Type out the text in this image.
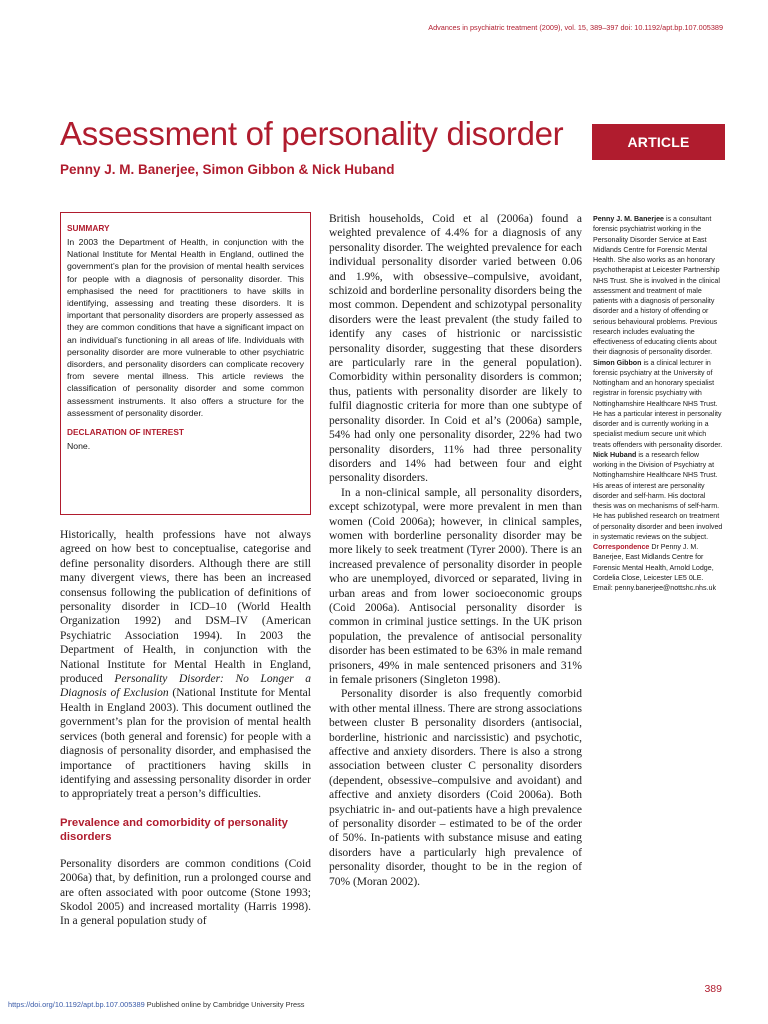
Advances in psychiatric treatment (2009), vol. 15, 389–397 doi: 10.1192/apt.bp.107.005389
Assessment of personality disorder	ARTICLE
Penny J. M. Banerjee, Simon Gibbon & Nick Huband
SUMMARY

In 2003 the Department of Health, in conjunction with the National Institute for Mental Health in England, outlined the government’s plan for the provision of mental health services for people with a diagnosis of personality disorder. This emphasised the need for practitioners to have skills in identifying, assessing and treating these disorders. It is important that personality disorders are properly assessed as they are common conditions that have a significant impact on an individual’s functioning in all areas of life. Individuals with personality disorder are more vulnerable to other psychiatric disorders, and personality disorders can complicate recovery from severe mental illness. This article reviews the classification of personality disorder and some common assessment instruments. It also offers a structure for the assessment of personality disorder.

DECLARATION OF INTEREST

None.

Historically, health professions have not always agreed on how best to conceptualise, categorise and define personality disorders. Although there are still many divergent views, there has been an increased consensus following the publication of definitions of personality disorder in ICD–10 (World Health Organization 1992) and DSM–IV (American Psychiatric Association 1994). In 2003 the Department of Health, in conjunction with the National Institute for Mental Health in England, produced Personality Disorder: No Longer a Diagnosis of Exclusion (National Institute for Mental Health in England 2003). This document outlined the government’s plan for the provision of mental health services (both general and forensic) for people with a diagnosis of personality disorder, and emphasised the importance of practitioners having skills in identifying and assessing personality disorder in order to appropriately treat a person’s difficulties.

Prevalence and comorbidity of personality disorders

Personality disorders are common conditions (Coid 2006a) that, by definition, run a prolonged course and are often associated with poor outcome (Stone 1993; Skodol 2005) and increased mortality (Harris 1998). In a general population study of

British households, Coid et al (2006a) found a weighted prevalence of 4.4% for a diagnosis of any personality disorder. The weighted prevalence for each individual personality disorder varied between 0.06 and 1.9%, with obsessive–compulsive, avoidant, schizoid and borderline personality disorders being the most common. Dependent and schizotypal personality disorders were the least prevalent (the study failed to identify any cases of histrionic or narcissistic personality disorder, suggesting that these disorders are particularly rare in the general population). Comorbidity within personality disorders is common; thus, patients with personality disorder are likely to fulfil diagnostic criteria for more than one subtype of personality disorder. In Coid et al’s (2006a) sample, 54% had only one personality disorder, 22% had two personality disorders, 11% had three personality disorders and 14% had between four and eight personality disorders.

In a non-clinical sample, all personality disorders, except schizotypal, were more prevalent in men than women (Coid 2006a); however, in clinical samples, women with borderline personality disorder may be more likely to seek treatment (Tyrer 2000). There is an increased prevalence of personality disorder in people who are unemployed, divorced or separated, living in urban areas and from lower socioeconomic groups (Coid 2006a). Antisocial personality disorder is common in criminal justice settings. In the UK prison population, the prevalence of antisocial personality disorder has been estimated to be 63% in male remand prisoners, 49% in male sentenced prisoners and 31% in female prisoners (Singleton 1998).

Personality disorder is also frequently comorbid with other mental illness. There are strong associations between cluster B personality disorders (antisocial, borderline, histrionic and narcissistic) and psychotic, affective and anxiety disorders. There is also a strong association between cluster C personality disorders (dependent, obsessive–compulsive and avoidant) and affective and anxiety disorders (Coid 2006a). Both psychiatric in- and out-patients have a high prevalence of personality disorder – estimated to be of the order of 50%. In-patients with substance misuse and eating disorders have a particularly high prevalence of personality disorder, thought to be in the region of 70% (Moran 2002).

Penny J. M. Banerjee is a consultant forensic psychiatrist working in the Personality Disorder Service at East Midlands Centre for Forensic Mental Health. She also works as an honorary psychotherapist at Leicester Partnership NHS Trust. She is involved in the clinical assessment and treatment of male patients with a diagnosis of personality disorder and a history of offending or serious behavioural problems. Previous research includes evaluating the effectiveness of educating clients about their diagnosis of personality disorder. Simon Gibbon is a clinical lecturer in forensic psychiatry at the University of Nottingham and an honorary specialist registrar in forensic psychiatry with Nottinghamshire Healthcare NHS Trust. He has a particular interest in personality disorder and is currently working in a specialist medium secure unit which treats offenders with personality disorder. Nick Huband is a research fellow working in the Division of Psychiatry at Nottinghamshire Healthcare NHS Trust. His areas of interest are personality disorder and self-harm. His doctoral thesis was on mechanisms of self-harm. He has published research on treatment of personality disorder and been involved in systematic reviews on the subject.
Correspondence Dr Penny J. M. Banerjee, East Midlands Centre for Forensic Mental Health, Arnold Lodge, Cordelia Close, Leicester LE5 0LE. Email: penny.banerjee@nottshc.nhs.uk
389
https://doi.org/10.1192/apt.bp.107.005389 Published online by Cambridge University Press
